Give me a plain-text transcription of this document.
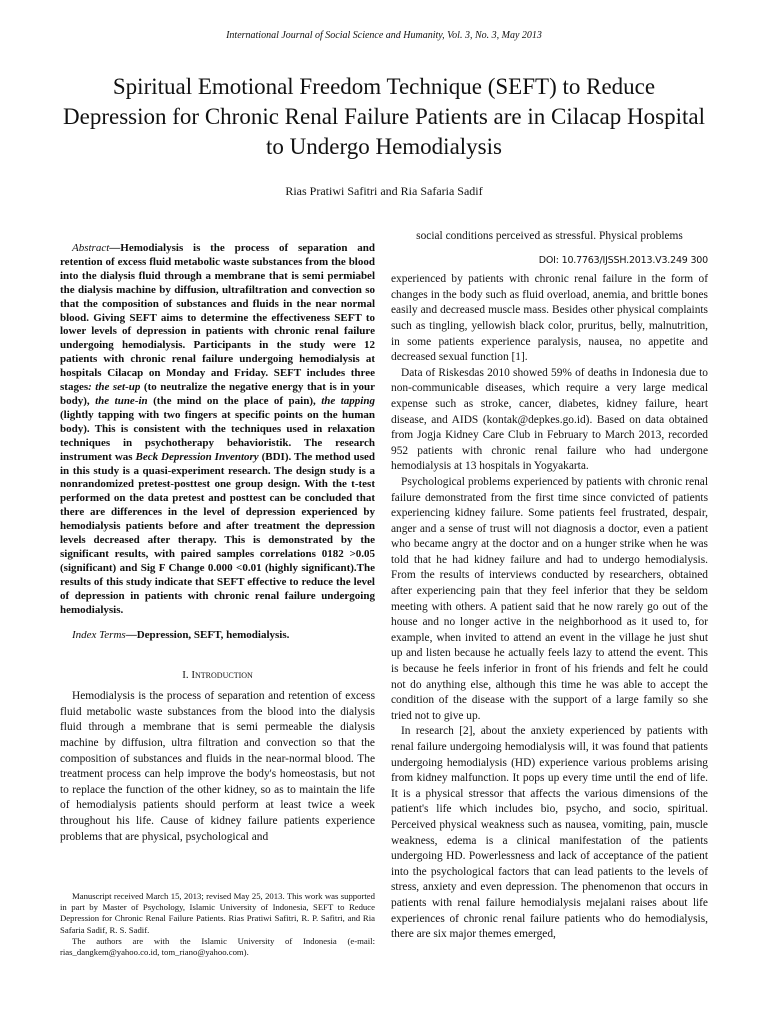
International Journal of Social Science and Humanity, Vol. 3, No. 3, May 2013
Spiritual Emotional Freedom Technique (SEFT) to Reduce Depression for Chronic Renal Failure Patients are in Cilacap Hospital to Undergo Hemodialysis
Rias Pratiwi Safitri and Ria Safaria Sadif

Abstract—Hemodialysis is the process of separation and retention of excess fluid metabolic waste substances from the blood into the dialysis fluid through a membrane that is semi permiabel the dialysis machine by diffusion, ultrafiltration and convection so that the composition of substances and fluids in the near normal blood. Giving SEFT aims to determine the effectiveness SEFT to lower levels of depression in patients with chronic renal failure undergoing hemodialysis. Participants in the study were 12 patients with chronic renal failure undergoing hemodialysis at hospitals Cilacap on Monday and Friday. SEFT includes three stages: the set-up (to neutralize the negative energy that is in your body), the tune-in (the mind on the place of pain), the tapping (lightly tapping with two fingers at specific points on the human body). This is consistent with the techniques used in relaxation techniques in psychotherapy behavioristik. The research instrument was Beck Depression Inventory (BDI). The method used in this study is a quasi-experiment research. The design study is a nonrandomized pretest-posttest one group design. With the t-test performed on the data pretest and posttest can be concluded that there are differences in the level of depression experienced by hemodialysis patients before and after treatment the depression levels decreased after therapy. This is demonstrated by the significant results, with paired samples correlations 0182 >0.05 (significant) and Sig F Change 0.000 <0.01 (highly significant).The results of this study indicate that SEFT effective to reduce the level of depression in patients with chronic renal failure undergoing hemodialysis.

Index Terms—Depression, SEFT, hemodialysis.

I. Introduction

Hemodialysis is the process of separation and retention of excess fluid metabolic waste substances from the blood into the dialysis fluid through a membrane that is semi permeable the dialysis machine by diffusion, ultra filtration and convection so that the composition of substances and fluids in the near-normal blood. The treatment process can help improve the body's homeostasis, but not to replace the function of the other kidney, so as to maintain the life of hemodialysis patients should perform at least twice a week throughout his life. Cause of kidney failure patients experience problems that are physical, psychological and

Manuscript received March 15, 2013; revised May 25, 2013. This work was supported in part by Master of Psychology, Islamic University of Indonesia, SEFT to Reduce Depression for Chronic Renal Failure Patients. Rias Pratiwi Safitri, R. P. Safitri, and Ria Safaria Sadif, R. S. Sadif.

The authors are with the Islamic University of Indonesia (e-mail: rias_dangkem@yahoo.co.id, tom_riano@yahoo.com).

social conditions perceived as stressful. Physical problems

DOI: 10.7763/IJSSH.2013.V3.249 300

experienced by patients with chronic renal failure in the form of changes in the body such as fluid overload, anemia, and brittle bones easily and decreased muscle mass. Besides other physical complaints such as tingling, yellowish black color, pruritus, belly, malnutrition, in some patients experience paralysis, nausea, no appetite and decreased sexual function [1].

Data of Riskesdas 2010 showed 59% of deaths in Indonesia due to non-communicable diseases, which require a very large medical expense such as stroke, cancer, diabetes, kidney failure, heart disease, and AIDS (kontak@depkes.go.id). Based on data obtained from Jogja Kidney Care Club in February to March 2013, recorded 952 patients with chronic renal failure who had undergone hemodialysis at 13 hospitals in Yogyakarta.

Psychological problems experienced by patients with chronic renal failure demonstrated from the first time since convicted of patients experiencing kidney failure. Some patients feel frustrated, despair, anger and a sense of trust will not diagnosis a doctor, even a patient who became angry at the doctor and on a hunger strike when he was told that he had kidney failure and had to undergo hemodialysis. From the results of interviews conducted by researchers, obtained after experiencing pain that they feel inferior that they be seldom meeting with others. A patient said that he now rarely go out of the house and no longer active in the neighborhood as it used to, for example, when invited to attend an event in the village he just shut up and listen because he actually feels lazy to attend the event. This is because he feels inferior in front of his friends and felt he could not do anything else, although this time he was able to accept the condition of the disease with the support of a large family so she tried not to give up.

In research [2], about the anxiety experienced by patients with renal failure undergoing hemodialysis will, it was found that patients undergoing hemodialysis (HD) experience various problems arising from kidney malfunction. It pops up every time until the end of life. It is a physical stressor that affects the various dimensions of the patient's life which includes bio, psycho, and socio, spiritual. Perceived physical weakness such as nausea, vomiting, pain, muscle weakness, edema is a clinical manifestation of the patients undergoing HD. Powerlessness and lack of acceptance of the patient into the psychological factors that can lead patients to the levels of stress, anxiety and even depression. The phenomenon that occurs in patients with renal failure hemodialysis mejalani raises about life experiences of chronic renal failure patients who do hemodialysis, there are six major themes emerged,
